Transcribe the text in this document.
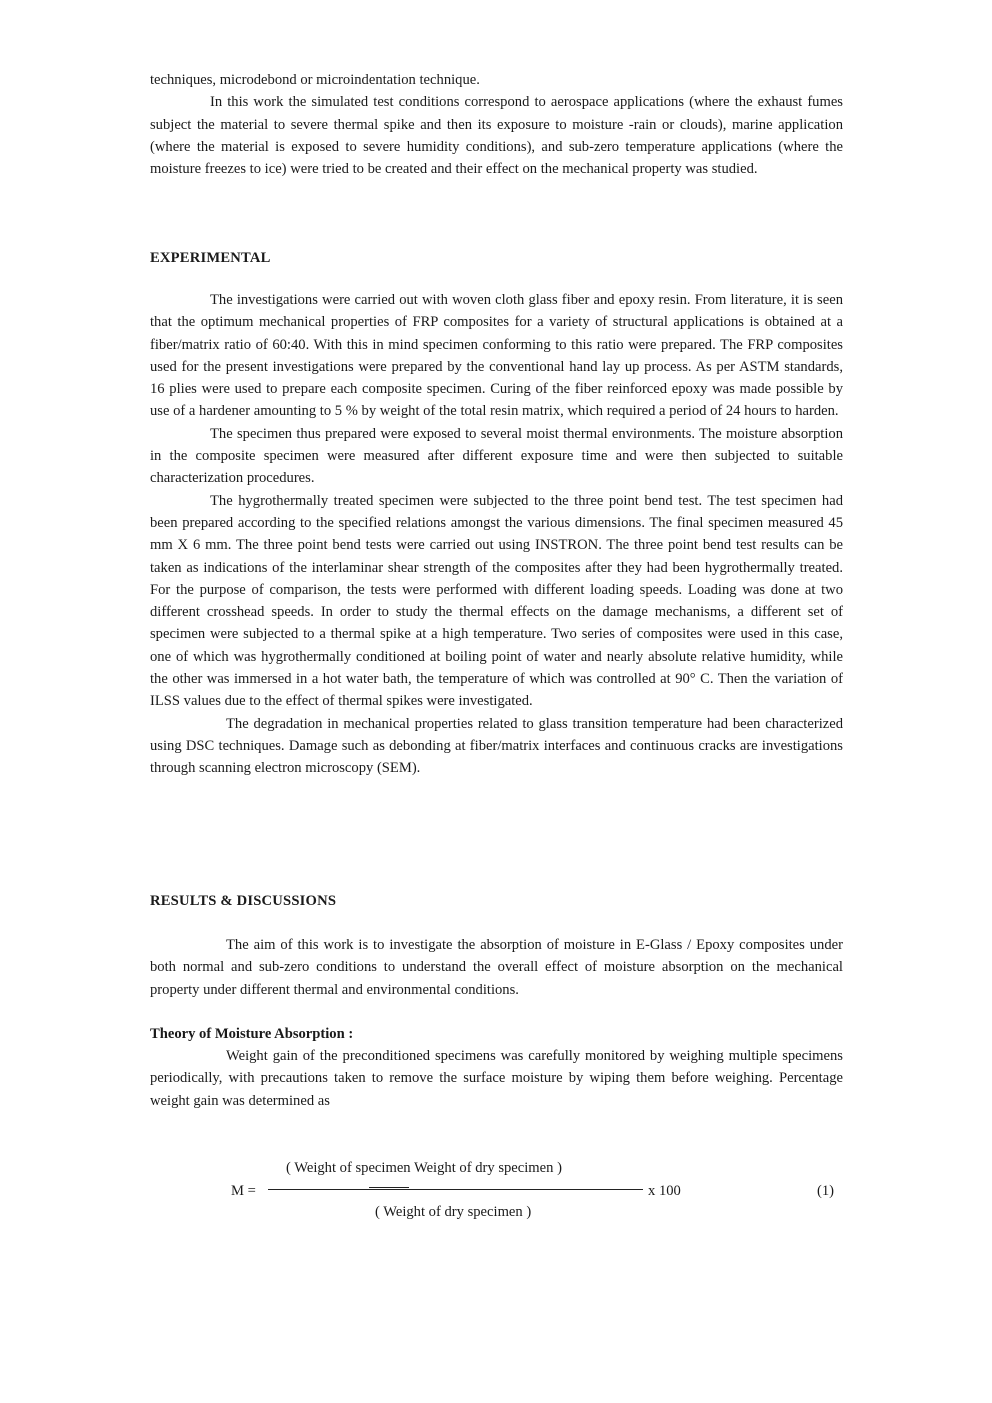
techniques, microdebond or microindentation technique.

In this work the simulated test conditions correspond to aerospace applications (where the exhaust fumes subject the material to severe thermal spike and then its exposure to moisture -rain or clouds), marine application (where the material is exposed to severe humidity conditions), and sub-zero temperature applications (where the moisture freezes to ice) were tried to be created and their effect on the mechanical property was studied.

EXPERIMENTAL

The investigations were carried out with woven cloth glass fiber and epoxy resin. From literature, it is seen that the optimum mechanical properties of FRP composites for a variety of structural applications is obtained at a fiber/matrix ratio of 60:40. With this in mind specimen conforming to this ratio were prepared. The FRP composites used for the present investigations were prepared by the conventional hand lay up process. As per ASTM standards, 16 plies were used to prepare each composite specimen. Curing of the fiber reinforced epoxy was made possible by use of a hardener amounting to 5 % by weight of the total resin matrix, which required a period of 24 hours to harden.

The specimen thus prepared were exposed to several moist thermal environments. The moisture absorption in the composite specimen were measured after different exposure time and were then subjected to suitable characterization procedures.

The hygrothermally treated specimen were subjected to the three point bend test. The test specimen had been prepared according to the specified relations amongst the various dimensions. The final specimen measured 45 mm X 6 mm. The three point bend tests were carried out using INSTRON. The three point bend test results can be taken as indications of the interlaminar shear strength of the composites after they had been hygrothermally treated. For the purpose of comparison, the tests were performed with different loading speeds. Loading was done at two different crosshead speeds. In order to study the thermal effects on the damage mechanisms, a different set of specimen were subjected to a thermal spike at a high temperature. Two series of composites were used in this case, one of which was hygrothermally conditioned at boiling point of water and nearly absolute relative humidity, while the other was immersed in a hot water bath, the temperature of which was controlled at 90° C. Then the variation of ILSS values due to the effect of thermal spikes were investigated.

The degradation in mechanical properties related to glass transition temperature had been characterized using DSC techniques. Damage such as debonding at fiber/matrix interfaces and continuous cracks are investigations through scanning electron microscopy (SEM).

RESULTS & DISCUSSIONS

The aim of this work is to investigate the absorption of moisture in E-Glass / Epoxy composites under both normal and sub-zero conditions to understand the overall effect of moisture absorption on the mechanical property under different thermal and environmental conditions.

Theory of Moisture Absorption :

Weight gain of the preconditioned specimens was carefully monitored by weighing multiple specimens periodically, with precautions taken to remove the surface moisture by wiping them before weighing. Percentage weight gain was determined as

( Weight of specimen Weight of dry specimen )
M =	x 100
( Weight of dry specimen )
(1)
